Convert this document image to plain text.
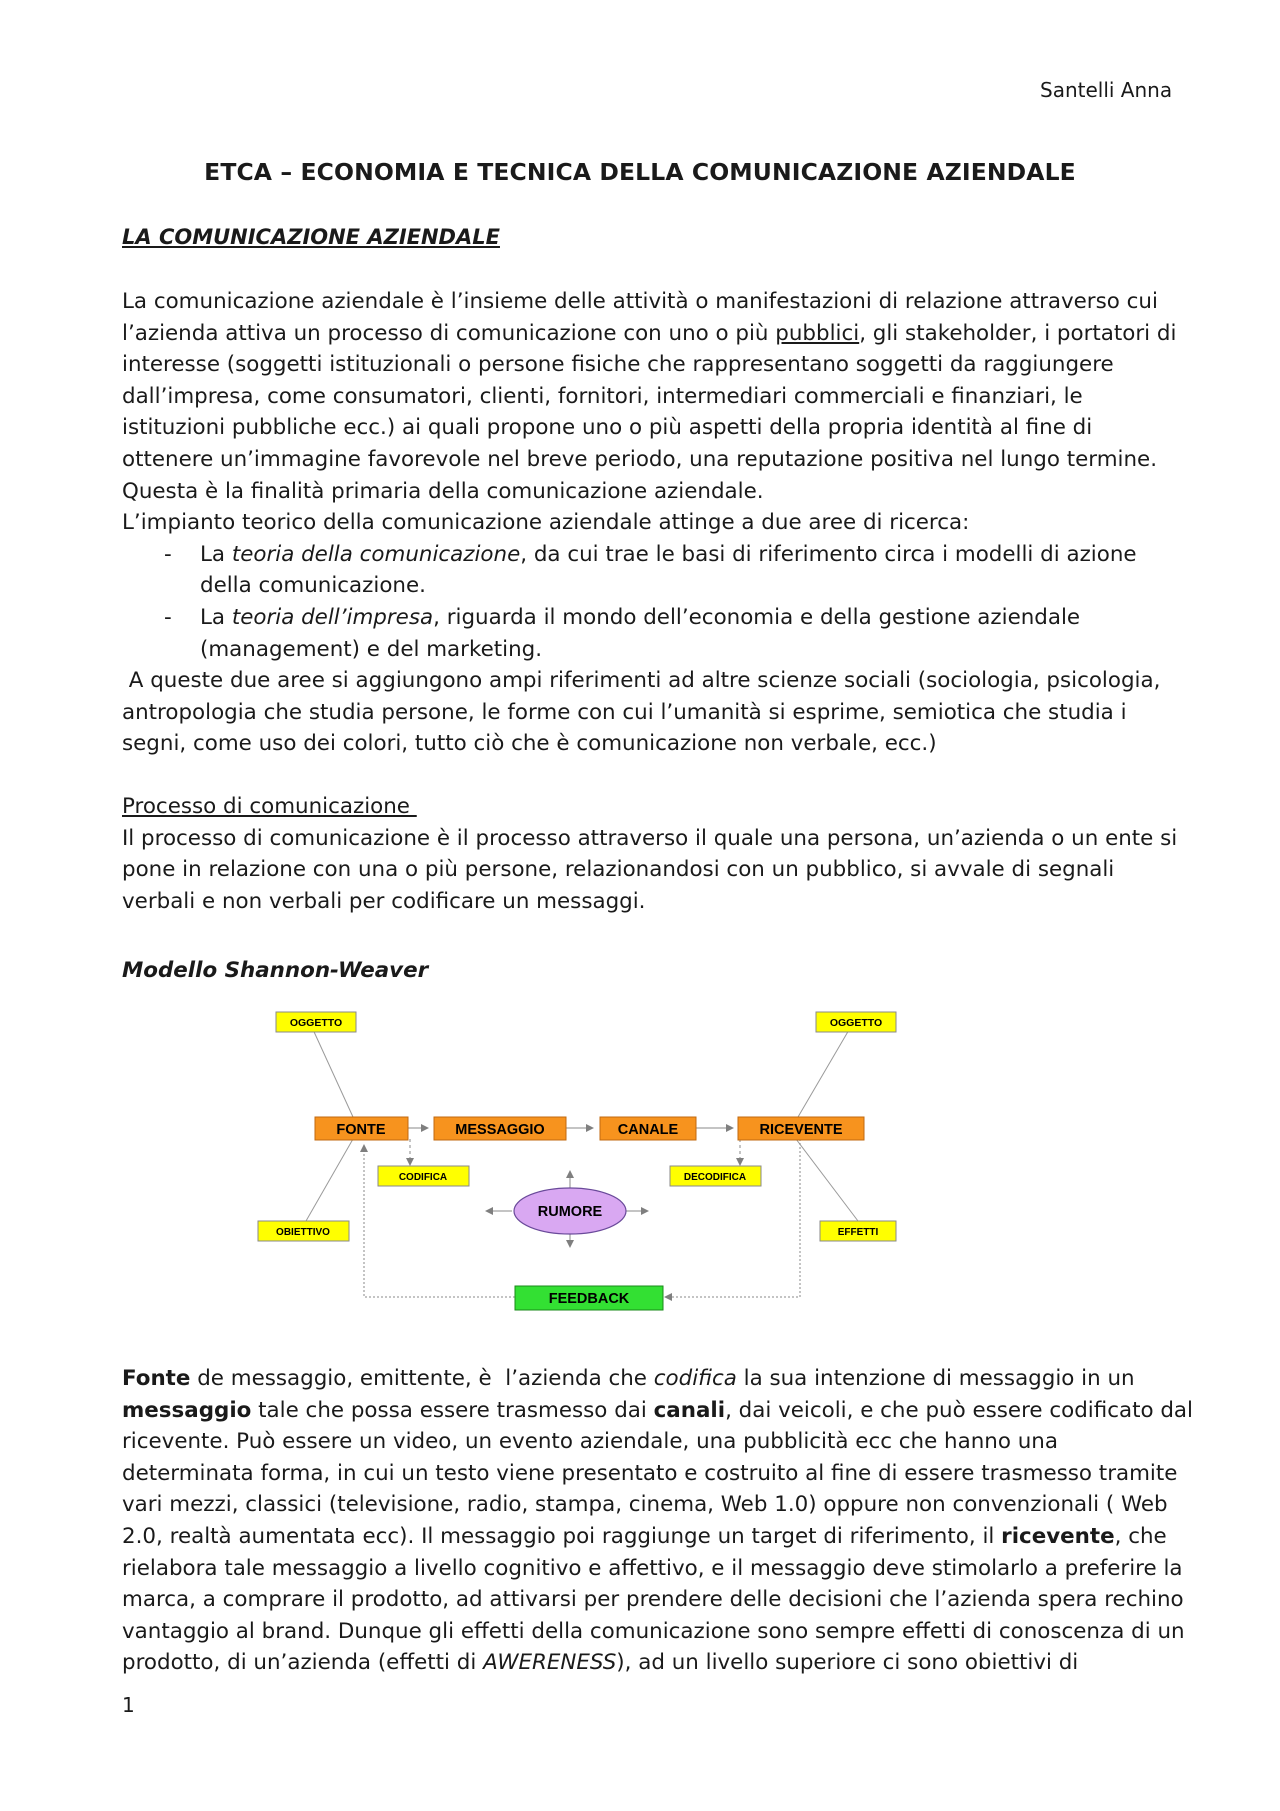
Santelli Anna
ETCA – ECONOMIA E TECNICA DELLA COMUNICAZIONE AZIENDALE
LA COMUNICAZIONE AZIENDALE

La comunicazione aziendale è l’insieme delle attività o manifestazioni di relazione attraverso cui

l’azienda attiva un processo di comunicazione con uno o più pubblici, gli stakeholder, i portatori di

interesse (soggetti istituzionali o persone fisiche che rappresentano soggetti da raggiungere

dall’impresa, come consumatori, clienti, fornitori, intermediari commerciali e finanziari, le

istituzioni pubbliche ecc.) ai quali propone uno o più aspetti della propria identità al fine di

ottenere un’immagine favorevole nel breve periodo, una reputazione positiva nel lungo termine.

Questa è la finalità primaria della comunicazione aziendale.

L’impianto teorico della comunicazione aziendale attinge a due aree di ricerca:

- La teoria della comunicazione, da cui trae le basi di riferimento circa i modelli di azione
della comunicazione.
- La teoria dell’impresa, riguarda il mondo dell’economia e della gestione aziendale
(management) e del marketing.

A queste due aree si aggiungono ampi riferimenti ad altre scienze sociali (sociologia, psicologia,

antropologia che studia persone, le forme con cui l’umanità si esprime, semiotica che studia i

segni, come uso dei colori, tutto ciò che è comunicazione non verbale, ecc.)

Processo di comunicazione

Il processo di comunicazione è il processo attraverso il quale una persona, un’azienda o un ente si

pone in relazione con una o più persone, relazionandosi con un pubblico, si avvale di segnali

verbali e non verbali per codificare un messaggi.

Modello Shannon-Weaver
OGGETTO	OGGETTO
CODIFICA	DECODIFICA
OBIETTIVO	EFFETTI
FONTE	MESSAGGIO	CANALE	RICEVENTE
RUMORE
FEEDBACK

Fonte de messaggio, emittente, è  l’azienda che codifica la sua intenzione di messaggio in un

messaggio tale che possa essere trasmesso dai canali, dai veicoli, e che può essere codificato dal

ricevente. Può essere un video, un evento aziendale, una pubblicità ecc che hanno una

determinata forma, in cui un testo viene presentato e costruito al fine di essere trasmesso tramite

vari mezzi, classici (televisione, radio, stampa, cinema, Web 1.0) oppure non convenzionali ( Web

2.0, realtà aumentata ecc). Il messaggio poi raggiunge un target di riferimento, il ricevente, che

rielabora tale messaggio a livello cognitivo e affettivo, e il messaggio deve stimolarlo a preferire la

marca, a comprare il prodotto, ad attivarsi per prendere delle decisioni che l’azienda spera rechino

vantaggio al brand. Dunque gli effetti della comunicazione sono sempre effetti di conoscenza di un

prodotto, di un’azienda (effetti di AWERENESS), ad un livello superiore ci sono obiettivi di

1
